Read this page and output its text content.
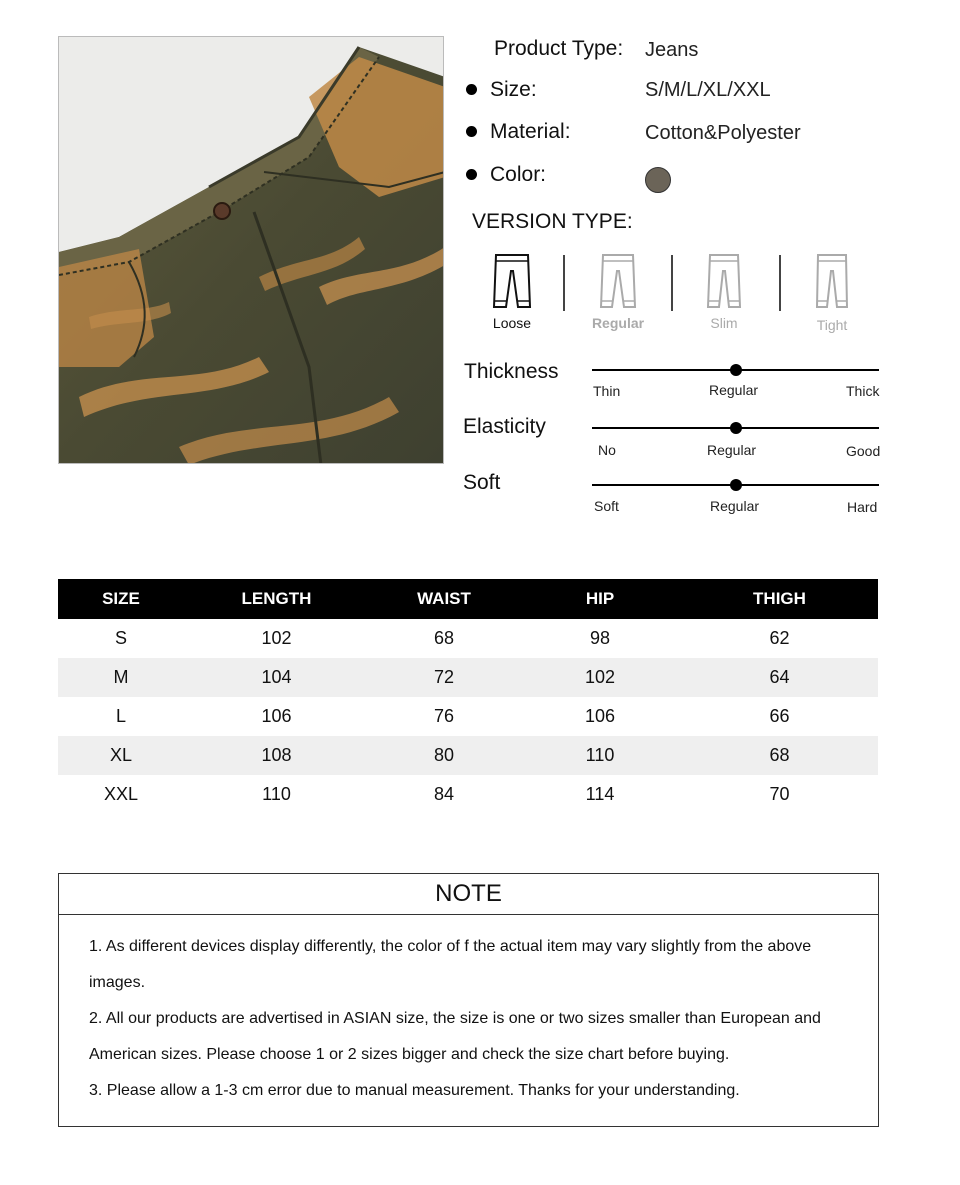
Product Type: Jeans
Size:	S/M/L/XL/XXL
Material:	Cotton&Polyester
Color:
VERSION TYPE:
Loose	Regular	Slim	Tight
Thickness
Thin	Regular	Thick
Elasticity
No	Regular	Good
Soft
Soft	Regular	Hard
SIZE	LENGTH	WAIST	HIP	THIGH
S	102	68	98	62
M	104	72	102	64
L	106	76	106	66
XL	108	80	110	68
XXL	110	84	114	70
NOTE

1. As different devices display differently, the color of f the actual item may vary slightly from the above images.

2. All our products are advertised in ASIAN size, the size is one or two sizes smaller than European and American sizes. Please choose 1 or 2 sizes bigger and check the size chart before buying.

3. Please allow a 1-3 cm error due to manual measurement. Thanks for your understanding.
